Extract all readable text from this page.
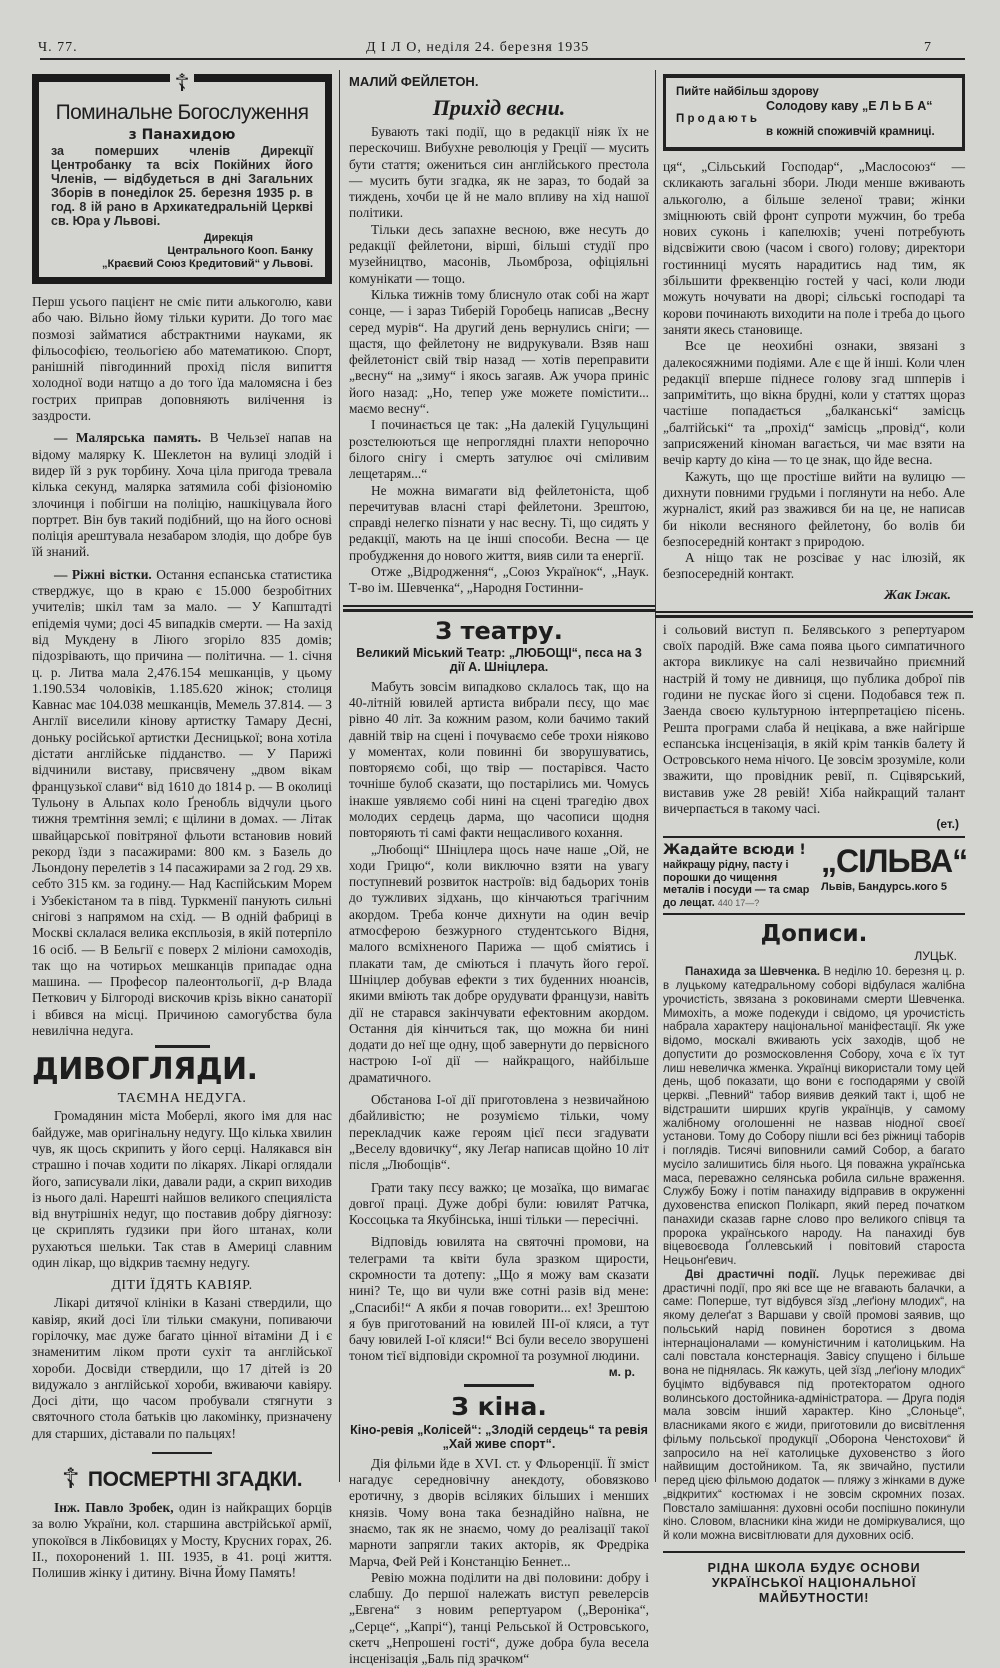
Ч. 77.	Д І Л О, неділя 24. березня 1935	7
☦
Поминальне Богослуження
з Панахидою
за померших членів Дирекції Центробанку та всіх Покійних його Членів, — відбудеться в дні Загальних Зборів в понеділок 25. березня 1935 р. в год. 8 ій рано в Архикатедральній Церкві св. Юра у Львові.
Дирекція
Центрального Кооп. Банку
„Краєвий Союз Кредитовий“ у Львові.

Перш усього пацієнт не сміє пити алькоголю, кави або чаю. Вільно йому тільки курити. До того має позмозі займатися абстрактними науками, як фільософією, теольогією або математикою. Спорт, ранішній півгодинний прохід після випиття холодної води натщо а до того їда маломясна і без гострих приправ доповняють вилічення із заздрости.

— Малярська память. В Чельзеї напав на відому малярку К. Шеклетон на вулиці злодій і видер їй з рук торбину. Хоча ціла пригода тревала кілька секунд, малярка затямила собі фізіономію злочинця і побігши на поліцію, нашкіцувала його портрет. Він був такий подібний, що на його основі поліція арештувала незабаром злодія, що добре був їй знаний.

— Ріжні вістки. Остання еспанська статистика стверджує, що в краю є 15.000 безробітних учителів; шкіл там за мало. — У Капштадті епідемія чуми; досі 45 випадків смерти. — На захід від Мукдену в Ліюго згоріло 835 домів; підозрівають, що причина — політична. — 1. січня ц. р. Литва мала 2,476.154 мешканців, у цьому 1.190.534 чоловіків, 1.185.620 жінок; столиця Кавнас має 104.038 мешканців, Мемель 37.814. — З Англії виселили кінову артистку Тамару Десні, доньку російської артистки Десницької; вона хотіла дістати англійське підданство. — У Парижі відчинили виставу, присвячену „двом вікам французької слави“ від 1610 до 1814 р. — В околиці Тульону в Альпах коло Ґренобль відчули цього тижня тремтіння землі; є щілини в домах. — Літак швайцарської повітряної фльоти встановив новий рекорд їзди з пасажирами: 800 км. з Базель до Льондону перелетів з 14 пасажирами за 2 год. 29 хв. себто 315 км. за годину.— Над Каспійським Морем і Узбекістаном та в півд. Туркменії панують сильні снігові з напрямом на схід. — В одній фабриці в Москві склалася велика експльозія, в якій потерпіло 16 осіб. — В Бельгії є поверх 2 міліони самоходів, так що на чотирьох мешканців припадає одна машина. — Професор палеонтольогії, д-р Влада Петкович у Білгороді вискочив крізь вікно санаторії і вбився на місці. Причиною самогубства була невилічна недуга.

ДИВОГЛЯДИ.
ТАЄМНА НЕДУГА.

Громадянин міста Моберлі, якого імя для нас байдуже, мав оригінальну недугу. Що кілька хвилин чув, як щось скрипить у його серці. Налякався він страшно і почав ходити по лікарях. Лікарі оглядали його, записували ліки, давали ради, а скрип виходив із нього далі. Нарешті найшов великого специяліста від внутрішніх недуг, що поставив добру діягнозу: це скриплять ґудзики при його штанах, коли рухаються шельки. Так став в Америці славним один лікар, що відкрив таємну недугу.

ДІТИ ЇДЯТЬ КАВІЯР.

Лікарі дитячої клініки в Казані ствердили, що кавіяр, який досі їли тільки смакуни, попиваючи горілочку, має дуже багато цінної вітаміни Д і є знаменитим ліком проти сухіт та англійської хороби. Досвіди ствердили, що 17 дітей із 20 видужало з англійської хороби, вживаючи кавіяру. Досі діти, що часом пробували стягнути з святочного стола батьків цю лакомінку, призначену для старших, діставали по пальцях!

☦ ПОСМЕРТНІ ЗГАДКИ.

Інж. Павло Зробек, один із найкращих борців за волю України, кол. старшина австрійської армії, упокоївся в Лікбовицях у Мосту, Крусних горах, 26. II., похоронений 1. III. 1935, в 41. році життя. Полишив жінку і дитину. Вічна Йому Память!

МАЛИЙ ФЕЙЛЕТОН.
Прихід весни.

Бувають такі події, що в редакції ніяк їх не перескочиш. Вибухне революція у Греції — мусить бути стаття; ожениться син англійського престола — мусить бути згадка, як не зараз, то бодай за тиждень, хочби це й не мало впливу на хід нашої політики.

Тільки десь запахне весною, вже несуть до редакції фейлетони, вірші, більші студії про музейництво, масонів, Льомброза, офіціяльні комунікати — тощо.

Кілька тижнів тому блиснуло отак собі на жарт сонце, — і зараз Тиберій Горобець написав „Весну серед мурів“. На другий день вернулись сніги; — щастя, що фейлетону не видрукували. Взяв наш фейлетоніст свій твір назад — хотів переправити „весну“ на „зиму“ і якось загаяв. Аж учора приніс його назад: „Но, тепер уже можете помістити... маємо весну“.

І починається це так: „На далекій Гуцульщині розстелюються ще непроглядні плахти непорочно білого снігу і смерть затулює очі сміливим лещетарям...“

Не можна вимагати від фейлетоніста, щоб перечитував власні старі фейлетони. Зрештою, справді нелегко пізнати у нас весну. Ті, що сидять у редакції, мають на це інші способи. Весна — це пробудження до нового життя, вияв сили та енергії.

Отже „Відродження“, „Союз Українок“, „Наук. Т-во ім. Шевченка“, „Народня Гостинни-

З театру.
Великий Міський Театр: „ЛЮБОЩІ“, пєса на 3 дії А. Шніцлера.

Мабуть зовсім випадково склалось так, що на 40-літній ювилей артиста вибрали пєсу, що має рівно 40 літ. За кожним разом, коли бачимо такий давній твір на сцені і почуваємо себе трохи ніяково у моментах, коли повинні би зворушуватись, повторяємо собі, що твір — постарівся. Часто точніше булоб сказати, що постарілись ми. Чомусь інакше уявляємо собі нині на сцені трагедію двох молодих сердець дарма, що часописи щодня повторяють ті самі факти нещасливого кохання.

„Любощі“ Шніцлера щось наче наше „Ой, не ходи Грицю“, коли виключно взяти на увагу поступневий розвиток настроїв: від бадьорих тонів до тужливих зідхань, що кінчаються трагічним акордом. Треба конче дихнути на один вечір атмосферою безжурного студентського Відня, малого всміхненого Парижа — щоб сміятись і плакати там, де сміються і плачуть його герої. Шніцлер добував ефекти з тих буденних нюансів, якими вміють так добре орудувати французи, навіть дії не старався закінчувати ефектовним акордом. Остання дія кінчиться так, що можна би нині додати до неї ще одну, щоб завернути до первісного настрою І-ої дії — найкращого, найбільше драматичного.

Обстанова І-ої дії приготовлена з незвичайною дбайливістю; не розуміємо тільки, чому перекладчик каже героям цієї пєси згадувати „Веселу вдовичку“, яку Леґар написав щойно 10 літ після „Любощів“.

Грати таку пєсу важко; це мозаїка, що вимагає довгої праці. Дуже добрі були: ювилят Ратчка, Коссоцька та Якубінська, інші тільки — пересічні.

Відповідь ювилята на святочні промови, на телеграми та квіти була зразком щирости, скромности та дотепу: „Що я можу вам сказати нині? Те, що ви чули вже сотні разів від мене: „Спасибі!“ А якби я почав говорити... ех! Зрештою я був приготований на ювилей ІІІ-ої кляси, а тут бачу ювилей І-ої кляси!“ Всі були весело зворушені тоном тієї відповіди скромної та розумної людини.

м. р.
З кіна.
Кіно-ревія „Колісей“: „Злодій сердець“ та ревія „Хай живе спорт“.

Дія фільми йде в XVI. ст. у Фльоренції. Її зміст нагадує середновічну анекдоту, обовязково еротичну, з дворів всіляких більших і менших князів. Чому вона така безнадійно наївна, не знаємо, так як не знаємо, чому до реалізації такої марноти запрягли таких акторів, як Фредріка Марча, Фей Рей і Констанцію Беннет...

Ревію можна поділити на дві половини: добру і слабшу. До першої належать виступ ревелерсів „Евгена“ з новим репертуаром („Вероніка“, „Серце“, „Капрі“), танці Рельської й Островського, скетч „Непрошені гості“, дуже добра була весела інсценізація „Баль під зрачком“

Пийте найбільш здорову
Солодову каву „Е Л Ь Б А“
П р о д а ю т ь
в кожній споживчій крамниці.

ця“, „Сільський Господар“, „Маслосоюз“ — скликають загальні збори. Люди менше вживають алькоголю, а більше зеленої трави; жінки зміцнюють свій фронт супроти мужчин, бо треба нових суконь і капелюхів; учені потребують відсвіжити свою (часом і свого) голову; директори гостинниці мусять нарадитись над тим, як збільшити фреквенцію гостей у часі, коли люди можуть ночувати на дворі; сільські господарі та корови починають виходити на поле і треба до цього заняти якесь становище.

Все це неохибні ознаки, звязані з далекосяжними подіями. Але є ще й інші. Коли член редакції вперше піднесе голову згад шпперів і запримітить, що вікна брудні, коли у статтях щораз частіше попадається „балканські“ замісць „балтійські“ та „прохід“ замісць „провід“, коли заприсяжений кіноман вагається, чи має взяти на вечір карту до кіна — то це знак, що йде весна.

Кажуть, що ще простіше вийти на вулицю — дихнути повними грудьми і поглянути на небо. Але журналіст, який раз зважився би на це, не написав би ніколи весняного фейлетону, бо волів би безпосередній контакт з природою.

А ніщо так не розсіває у нас ілюзій, як безпосередній контакт.

Жак Іжак.

і сольовий виступ п. Белявського з репертуаром своїх пародій. Вже сама поява цього симпатичного актора викликує на салі незвичайно приємний настрій й тому не дивниця, що публика доброї пів години не пускає його зі сцени. Подобався теж п. Заенда своєю культурною інтерпретацією пісень. Решта програми слаба й нецікава, а вже найгірше еспанська інсценізація, в якій крім танків балету й Островського нема нічого. Це зовсім зрозуміле, коли зважити, що провідник ревії, п. Сцівярський, виставив уже 28 ревій! Хіба найкращий талант вичерпається в такому часі.

(ет.)
Жадайте всюди !
найкращу рідну, пасту і порошки до чищення металів і посуди — та смар до лещат. 440 17—?
„СІЛЬВА“
Львів, Бандурсь.кого 5
Дописи.
ЛУЦЬК.

Панахида за Шевченка. В неділю 10. березня ц. р. в луцькому катедральному соборі відбулася жалібна урочистість, звязана з роковинами смерти Шевченка. Мимохіть, а може подекуди і свідомо, ця урочистість набрала характеру національної маніфестації. Як уже відомо, москалі вживають усіх заходів, щоб не допустити до розмосковлення Собору, хоча є їх тут лиш невеличка жменка. Українці використали тому цей день, щоб показати, що вони є господарями у своїй церкві. „Певний“ табор виявив деякий такт і, щоб не відстрашити ширших кругів українців, у самому жалібному оголошенні не назвав ніодної своєї установи. Тому до Собору пішли всі без ріжниці таборів і поглядів. Тисячі виповнили самий Собор, а багато мусіло залишитись біля нього. Ця поважна українська маса, переважно селянська робила сильне враження. Службу Божу і потім панахиду відправив в окруженні духовенства епископ Полікарп, який перед початком панахиди сказав гарне слово про великого співця та пророка українського народу. На панахиді був віцевоєвода Ґоллевський і повітовий староста Нецьонґевич.

Дві драстичні події. Луцьк переживає дві драстичні події, про які все ще не вгавають балачки, а саме: Поперше, тут відбувся зїзд „леґіону млодих“, на якому делеґат з Варшави у своїй промові заявив, що польський нарід повинен боротися з двома інтернаціоналами — комуністичним і католицьким. На салі повстала констернація. Завісу спущено і більше вона не піднялась. Як кажуть, цей зїзд „леґіону млодих“ буцімто відбувався під протекторатом одного волинського достойника-адміністратора. — Друга подія мала зовсім інший характер. Кіно „Слоньце“, власниками якого є жиди, приготовили до висвітлення фільму польської продукції „Оборона Ченстохови“ й запросило на неї католицьке духовенство з його найвищим достойником. Та, як звичайно, пустили перед цією фільмою додаток — пляжу з жінками в дуже „відкритих“ костюмах і не зовсім скромних позах. Повстало замішання: духовні особи поспішно покинули кіно. Словом, власники кіна жиди не доміркувалися, що й коли можна висвітлювати для духовних осіб.

РІДНА ШКОЛА БУДУЄ ОСНОВИ УКРАЇНСЬКОЇ НАЦІОНАЛЬНОЇ МАЙБУТНОСТИ!
